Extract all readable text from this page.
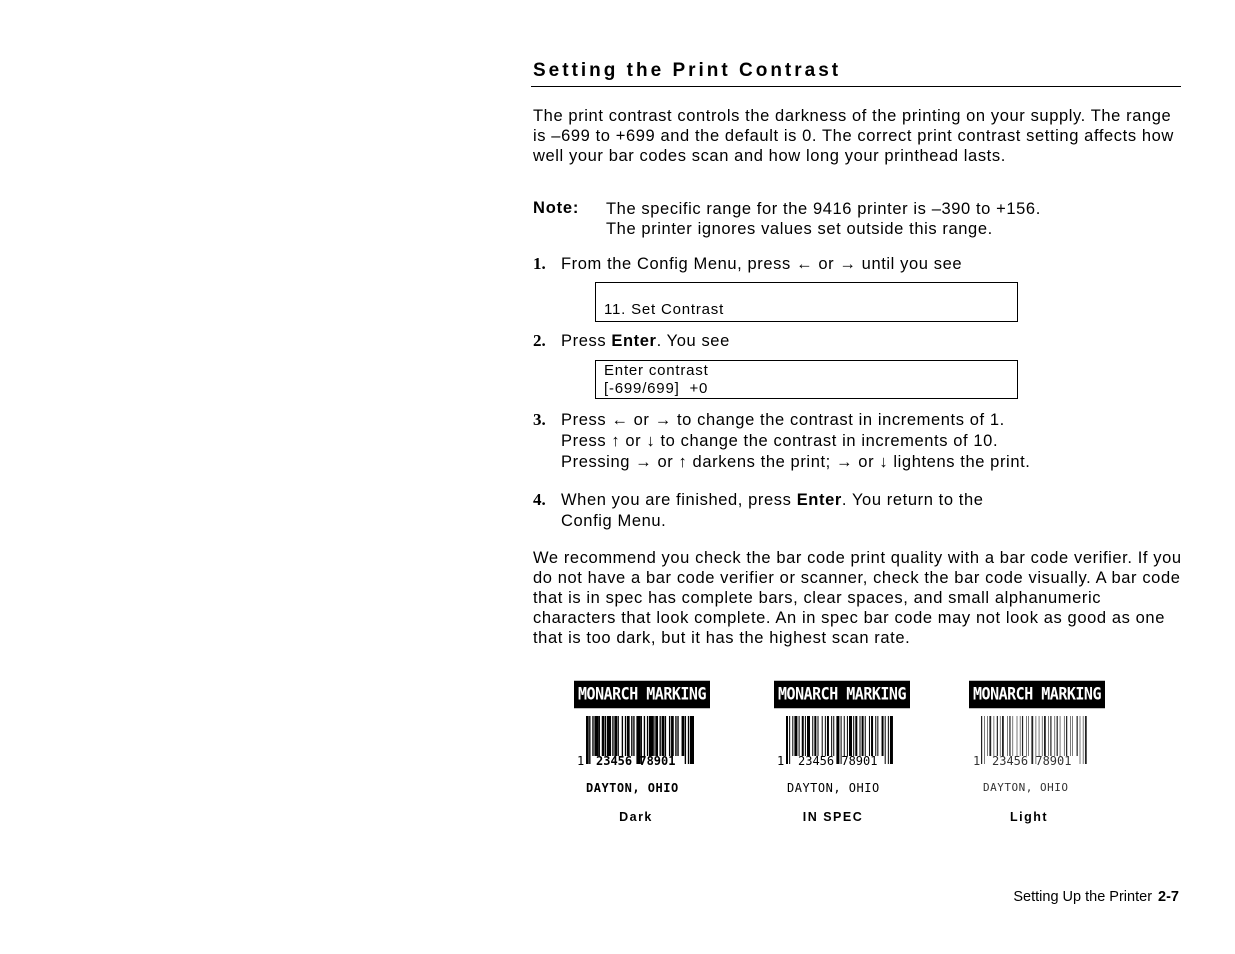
Setting the Print Contrast
The print contrast controls the darkness of the printing on your supply. The range is –699 to +699 and the default is 0. The correct print contrast setting affects how well your bar codes scan and how long your printhead lasts.
Note: The specific range for the 9416 printer is –390 to +156.
The printer ignores values set outside this range.
1. From the Config Menu, press ← or → until you see
11. Set Contrast
2. Press Enter. You see
Enter contrast
[-699/699]  +0
3. Press ← or → to change the contrast in increments of 1.
Press ↑ or ↓ to change the contrast in increments of 10.
Pressing → or ↑ darkens the print; → or ↓ lightens the print.
4. When you are finished, press Enter. You return to the
Config Menu.
We recommend you check the bar code print quality with a bar code verifier. If you do not have a bar code verifier or scanner, check the bar code visually. A bar code that is in spec has complete bars, clear spaces, and small alphanumeric characters that look complete. An in spec bar code may not look as good as one that is too dark, but it has the highest scan rate.
MONARCH MARKING
1 23456 78901
DAYTON, OHIO
Dark
MONARCH MARKING
1 23456 78901
DAYTON, OHIO
IN SPEC
MONARCH MARKING
1 23456 78901
DAYTON, OHIO
Light
Setting Up the Printer 2-7
